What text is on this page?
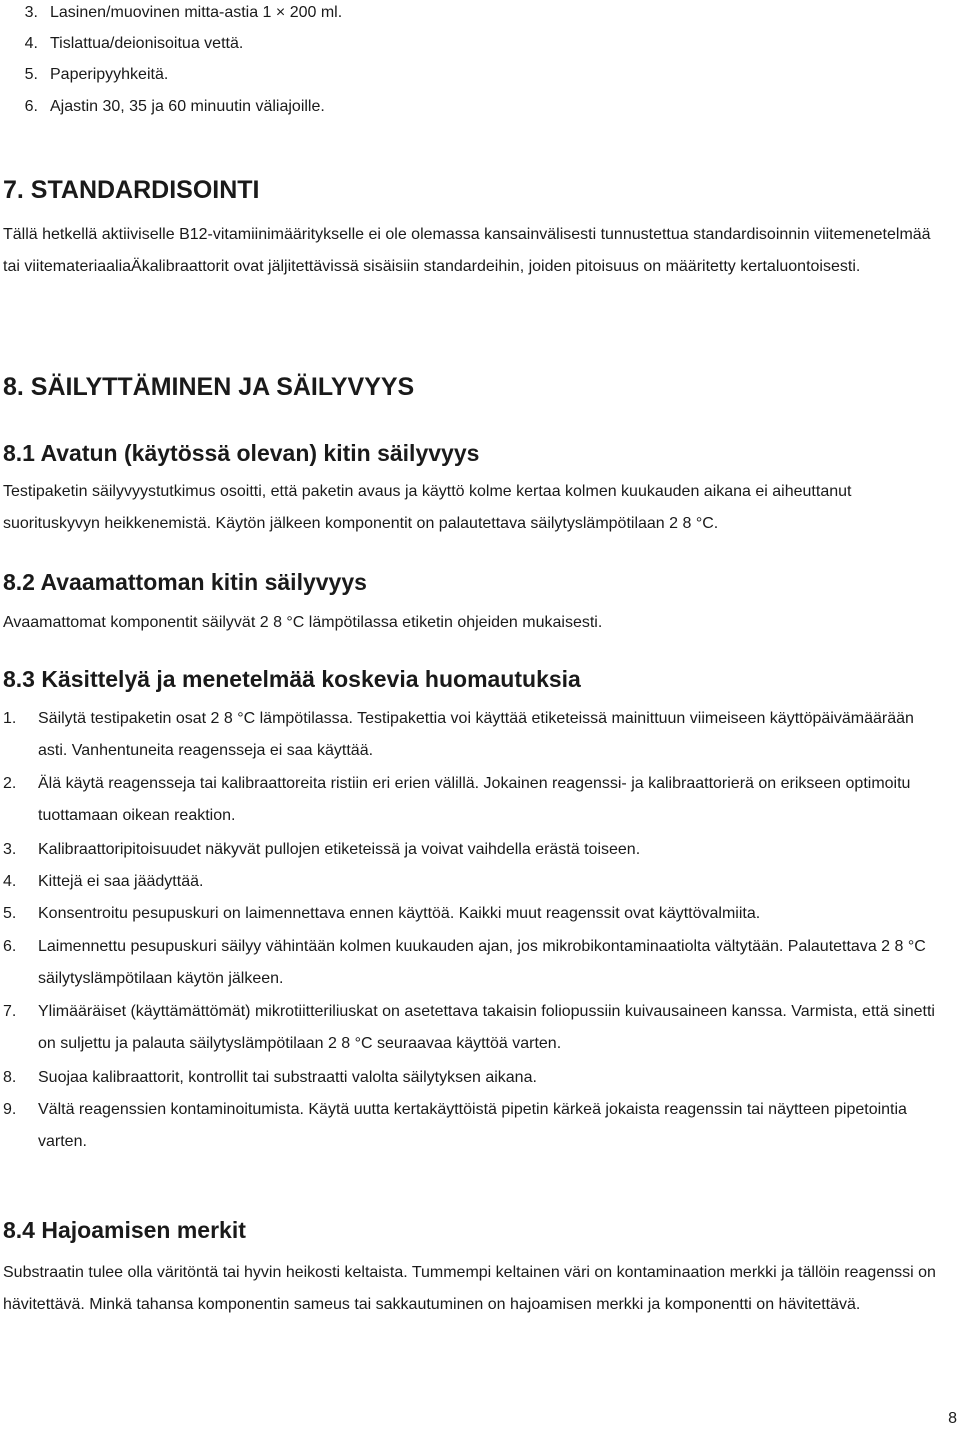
3. Lasinen/muovinen mitta-astia 1 × 200 ml.
4. Tislattua/deionisoitua vettä.
5. Paperipyyhkeitä.
6. Ajastin 30, 35 ja 60 minuutin väliajoille.
7. STANDARDISOINTI
Tällä hetkellä aktiiviselle B12-vitamiinimääritykselle ei ole olemassa kansainvälisesti tunnustettua standardisoinnin viitemenetelmää tai viitemateriaaliaÄkalibraattorit ovat jäljitettävissä sisäisiin standardeihin, joiden pitoisuus on määritetty kertaluontoisesti.
8. SÄILYTTÄMINEN JA SÄILYVYYS
8.1 Avatun (käytössä olevan) kitin säilyvyys
Testipaketin säilyvyystutkimus osoitti, että paketin avaus ja käyttö kolme kertaa kolmen kuukauden aikana ei aiheuttanut suorituskyvyn heikkenemistä. Käytön jälkeen komponentit on palautettava säilytyslämpötilaan 2 8 °C.
8.2 Avaamattoman kitin säilyvyys
Avaamattomat komponentit säilyvät 2 8 °C lämpötilassa etiketin ohjeiden mukaisesti.
8.3 Käsittelyä ja menetelmää koskevia huomautuksia
1. Säilytä testipaketin osat 2 8 °C lämpötilassa. Testipakettia voi käyttää etiketeissä mainittuun viimeiseen käyttöpäivämäärään asti. Vanhentuneita reagensseja ei saa käyttää.
2. Älä käytä reagensseja tai kalibraattoreita ristiin eri erien välillä. Jokainen reagenssi- ja kalibraattorierä on erikseen optimoitu tuottamaan oikean reaktion.
3. Kalibraattoripitoisuudet näkyvät pullojen etiketeissä ja voivat vaihdella erästä toiseen.
4. Kittejä ei saa jäädyttää.
5. Konsentroitu pesupuskuri on laimennettava ennen käyttöä. Kaikki muut reagenssit ovat käyttövalmiita.
6. Laimennettu pesupuskuri säilyy vähintään kolmen kuukauden ajan, jos mikrobikontaminaatiolta vältytään. Palautettava 2 8 °C säilytyslämpötilaan käytön jälkeen.
7. Ylimääräiset (käyttämättömät) mikrotiitteriliuskat on asetettava takaisin foliopussiin kuivausaineen kanssa. Varmista, että sinetti on suljettu ja palauta säilytyslämpötilaan 2 8 °C seuraavaa käyttöä varten.
8. Suojaa kalibraattorit, kontrollit tai substraatti valolta säilytyksen aikana.
9. Vältä reagenssien kontaminoitumista. Käytä uutta kertakäyttöistä pipetin kärkeä jokaista reagenssin tai näytteen pipetointia varten.
8.4 Hajoamisen merkit
Substraatin tulee olla väritöntä tai hyvin heikosti keltaista. Tummempi keltainen väri on kontaminaation merkki ja tällöin reagenssi on hävitettävä. Minkä tahansa komponentin sameus tai sakkautuminen on hajoamisen merkki ja komponentti on hävitettävä.
8
